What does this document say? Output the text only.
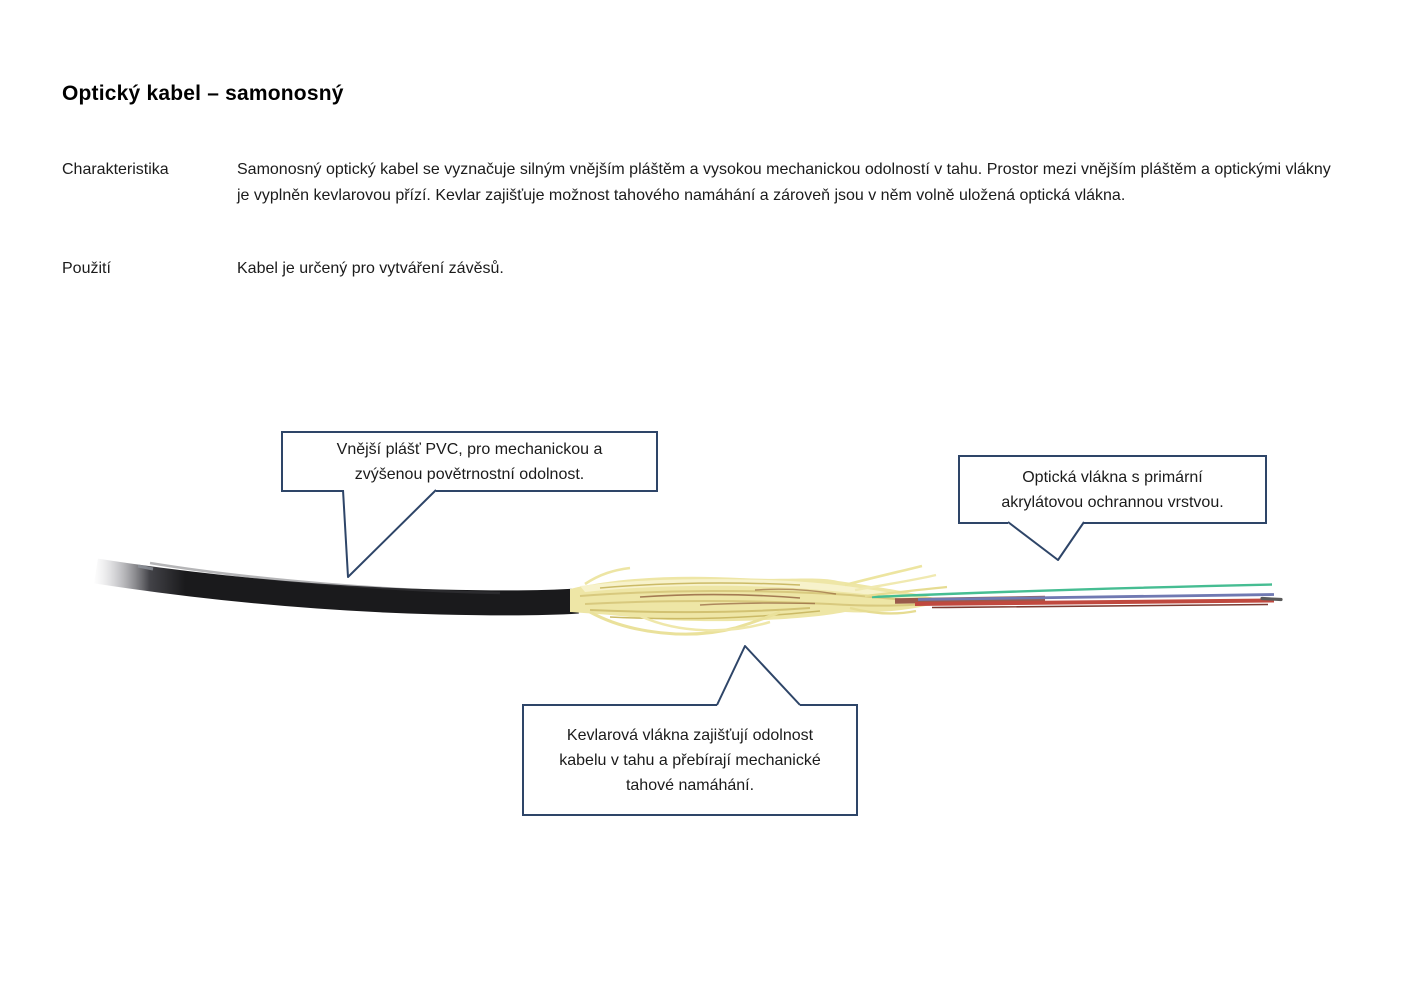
Optický kabel – samonosný
Charakteristika	Samonosný optický kabel se vyznačuje silným vnějším pláštěm a vysokou mechanickou odolností v tahu. Prostor mezi vnějším pláštěm a optickými vlákny je vyplněn kevlarovou přízí. Kevlar zajišťuje možnost tahového namáhání a zároveň jsou v něm volně uložená optická vlákna.
Použití	Kabel je určený pro vytváření závěsů.
Vnější plášť PVC, pro mechanickou a
zvýšenou povětrnostní odolnost.	Optická vlákna s primární
akrylátovou ochrannou vrstvou.
Kevlarová vlákna zajišťují odolnost
kabelu v tahu a přebírají mechanické
tahové namáhání.
